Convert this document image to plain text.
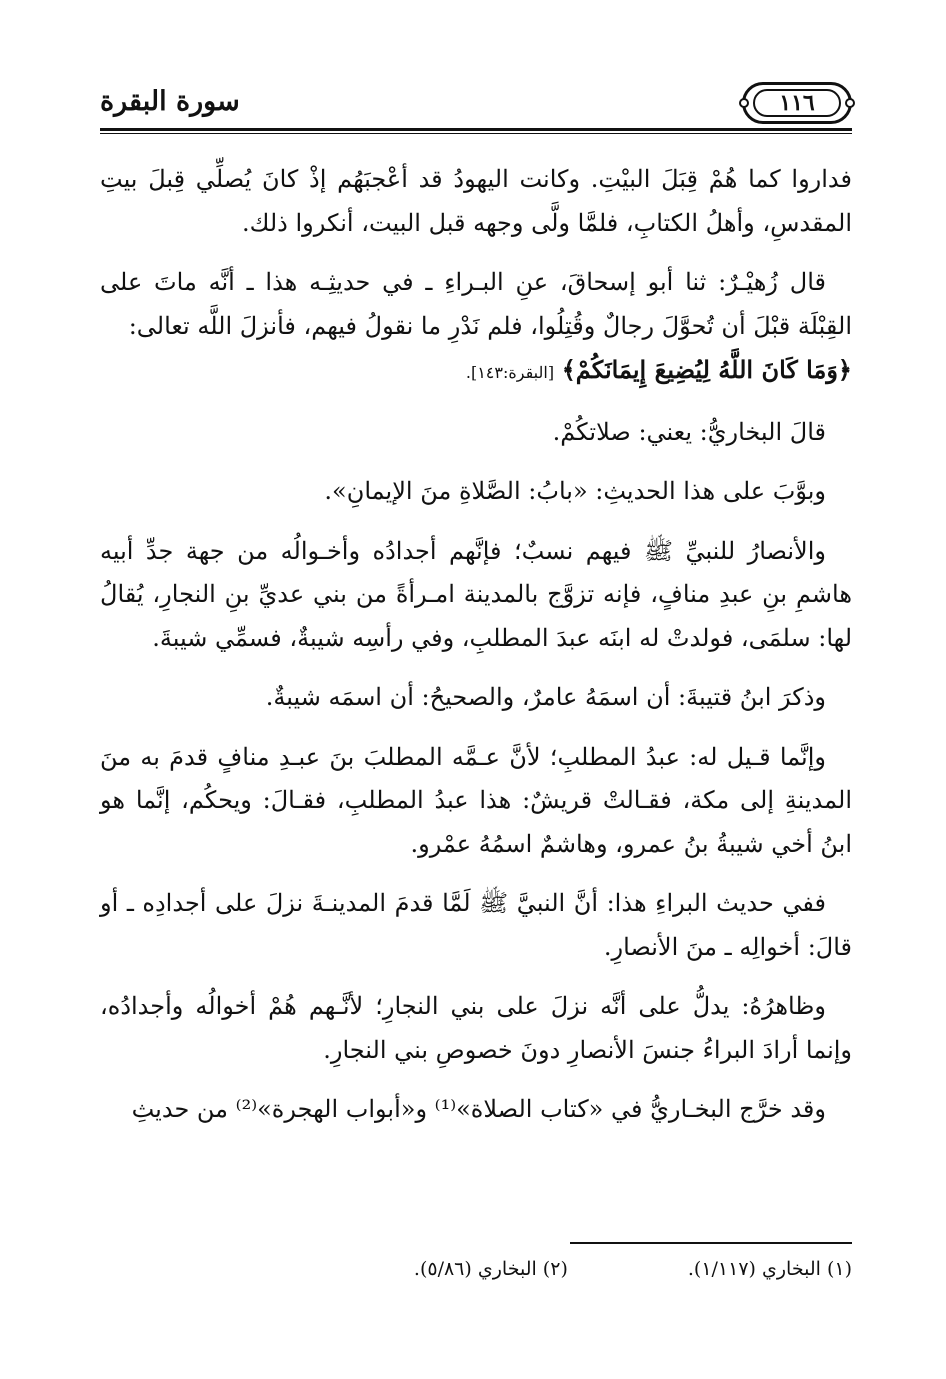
سورة البقرة	١١٦

فداروا كما هُمْ قِبَلَ البيْتِ. وكانت اليهودُ قد أعْجبَهُم إذْ كانَ يُصلِّي قِبلَ بيتِ المقدسِ، وأهلُ الكتابِ، فلمَّا ولَّى وجهه قبل البيت، أنكروا ذلك.

قال زُهيْـرٌ: ثنا أبو إسحاقَ، عنِ البـراءِ ـ في حديثِـه هذا ـ أنَّه ماتَ على القِبْلَة قبْلَ أن تُحوَّلَ رجالٌ وقُتِلُوا، فلم نَدْرِ ما نقولُ فيهم، فأنزلَ اللَّه تعالى:
﴿وَمَا كَانَ اللَّهُ لِيُضِيعَ إِيمَانَكُمْ﴾ [البقرة:١٤٣].

قالَ البخاريُّ: يعني: صلاتكُمْ.

وبوَّبَ على هذا الحديثِ: «بابُ: الصَّلاةِ منَ الإيمانِ».

والأنصارُ للنبيِّ ﷺ فيهم نسبٌ؛ فإنَّهم أجدادُه وأخـوالُه من جهة جدِّ أبيه هاشمِ بنِ عبدِ منافٍ، فإنه تزوَّج بالمدينة امـرأةً من بني عديِّ بنِ النجارِ، يُقالُ لها: سلمَى، فولدتْ له ابنَه عبدَ المطلبِ، وفي رأسِه شيبةٌ، فسمِّي شيبةَ.

وذكرَ ابنُ قتيبةَ: أن اسمَهُ عامرٌ، والصحيحُ: أن اسمَه شيبةٌ.

وإنَّما قـيل له: عبدُ المطلبِ؛ لأنَّ عـمَّه المطلبَ بنَ عبـدِ منافٍ قدمَ به منَ المدينةِ إلى مكة، فقـالتْ قريشٌ: هذا عبدُ المطلبِ، فقـالَ: ويحكُم، إنَّما هو ابنُ أخي شيبةُ بنُ عمرو، وهاشمٌ اسمُهُ عمْرو.

ففي حديث البراءِ هذا: أنَّ النبيَّ ﷺ لَمَّا قدمَ المدينـةَ نزلَ على أجدادِه ـ أو قالَ: أخوالِه ـ منَ الأنصارِ.

وظاهرُهُ: يدلُّ على أنَّه نزلَ على بني النجارِ؛ لأنَّـهم هُمْ أخوالُه وأجدادُه، وإنما أرادَ البراءُ جنسَ الأنصارِ دونَ خصوصِ بني النجارِ.

وقد خرَّج البخـاريُّ في «كتاب الصلاة»⁽¹⁾ و«أبواب الهجرة»⁽²⁾ من حديثِ

(١) البخاري (١/١١٧).
(٢) البخاري (٥/٨٦).
